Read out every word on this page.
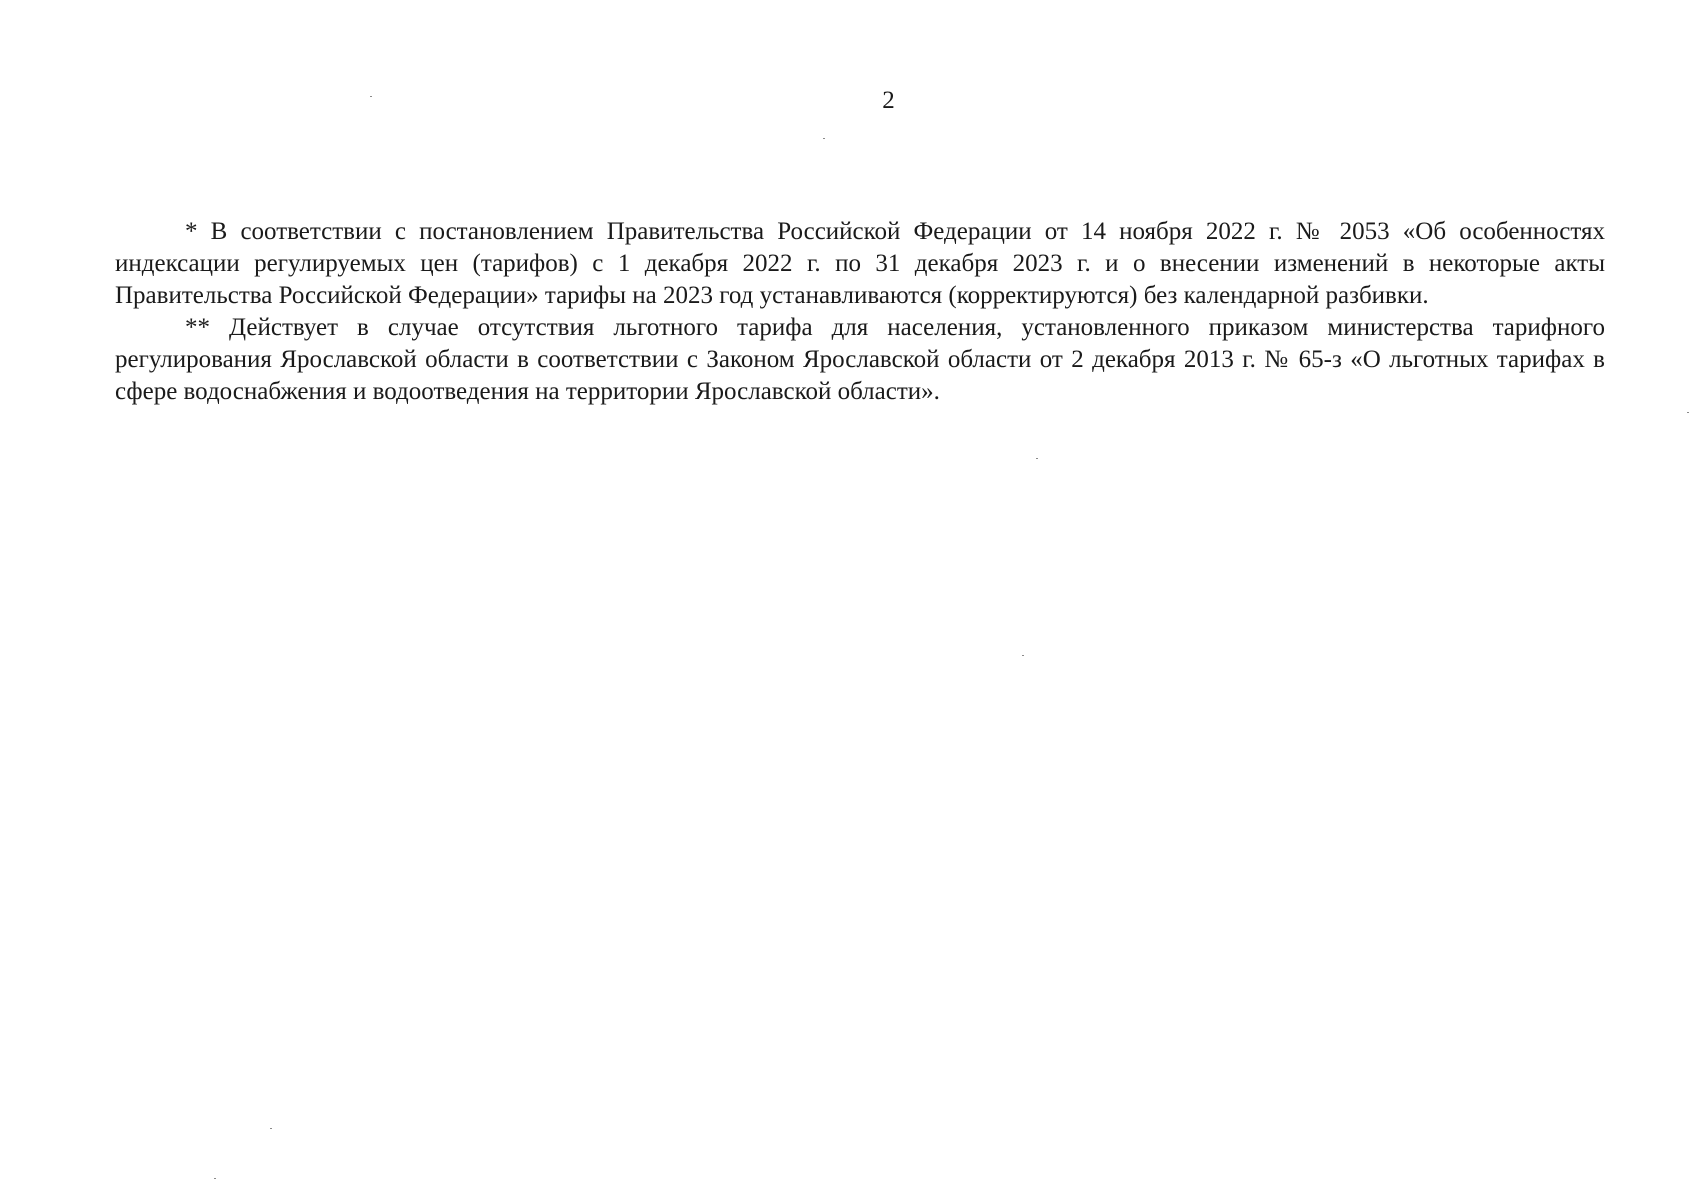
2

* В соответствии с постановлением Правительства Российской Федерации от 14 ноября 2022 г. № 2053 «Об особенностях индексации регулируемых цен (тарифов) с 1 декабря 2022 г. по 31 декабря 2023 г. и о внесении изменений в некоторые акты Правительства Российской Федерации» тарифы на 2023 год устанавливаются (корректируются) без календарной разбивки.

** Действует в случае отсутствия льготного тарифа для населения, установленного приказом министерства тарифного регулирования Ярославской области в соответствии с Законом Ярославской области от 2 декабря 2013 г. № 65-з «О льготных тарифах в сфере водоснабжения и водоотведения на территории Ярославской области».
